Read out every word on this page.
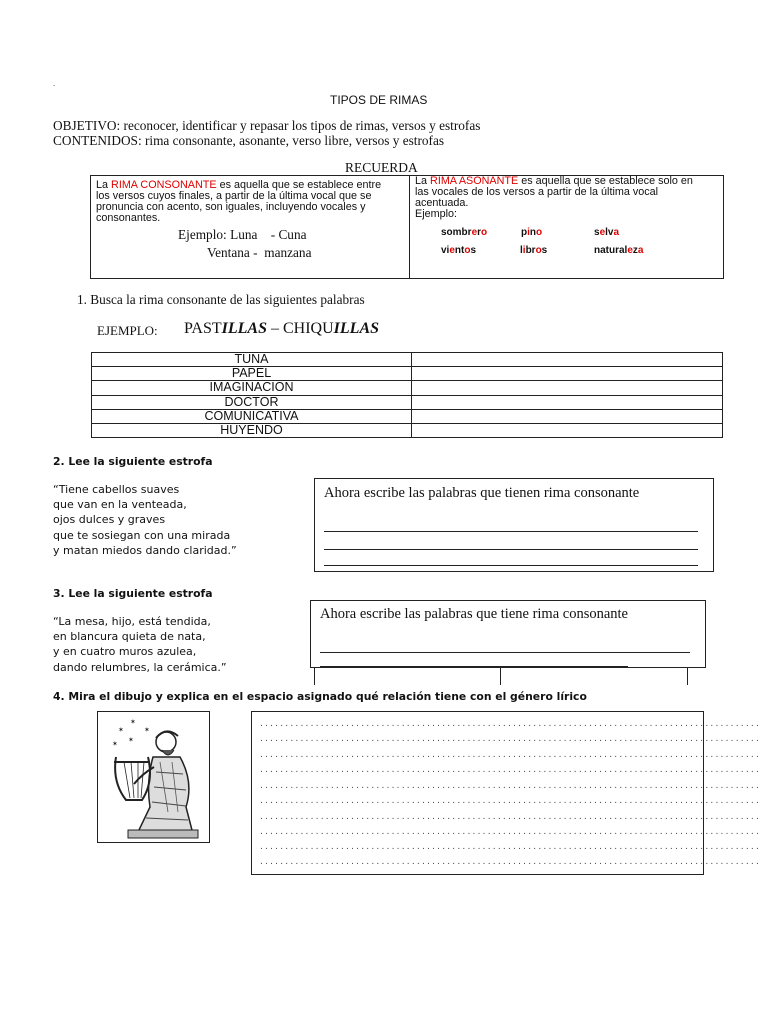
.
TIPOS DE RIMAS
OBJETIVO: reconocer, identificar y repasar los tipos de rimas, versos y estrofas
CONTENIDOS: rima consonante, asonante, verso libre, versos y estrofas
RECUERDA
La RIMA CONSONANTE es aquella que se establece entre
los versos cuyos finales, a partir de la última vocal que se
pronuncia con acento, son iguales, incluyendo vocales y
consonantes.
Ejemplo: Luna    - Cuna
Ventana -  manzana
La RIMA ASONANTE es aquella que se establece solo en
las vocales de los versos a partir de la última vocal
acentuada.
Ejemplo:
sombrero	pino	selva
vientos	libros	naturaleza
1. Busca la rima consonante de las siguientes palabras
EJEMPLO: PASTILLAS – CHIQUILLAS
TUNA	
PAPEL	
IMAGINACION	
DOCTOR	
COMUNICATIVA	
HUYENDO	
2. Lee la siguiente estrofa
“Tiene cabellos suaves
que van en la venteada,
ojos dulces y graves
que te sosiegan con una mirada
y matan miedos dando claridad.”
Ahora escribe las palabras que tienen rima consonante
3. Lee la siguiente estrofa
“La mesa, hijo, está tendida,
en blancura quieta de nata,
y en cuatro muros azulea,
dando relumbres, la cerámica.”
Ahora escribe las palabras que tiene rima consonante
4. Mira el dibujo y explica en el espacio asignado qué relación tiene con el género lírico
✶
✶
✶
✶ ✶
...................................................................................................
...................................................................................................
...................................................................................................
...................................................................................................
...................................................................................................
...................................................................................................
...................................................................................................
...................................................................................................
...................................................................................................
...................................................................................................
